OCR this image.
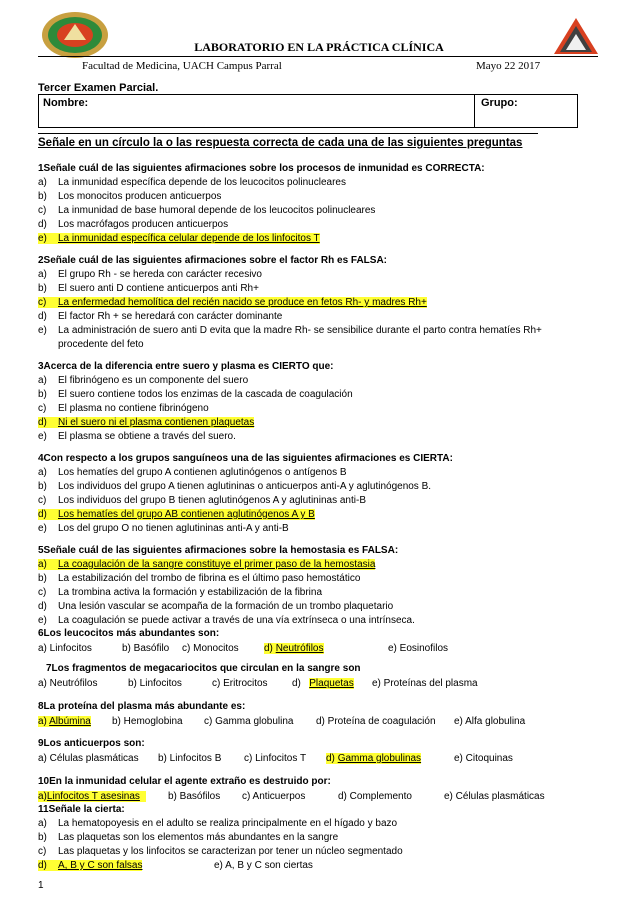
LABORATORIO EN LA PRÁCTICA CLÍNICA
Facultad de Medicina, UACH Campus Parral	Mayo 22 2017
Tercer Examen Parcial.
Nombre:	Grupo:
Señale en un círculo la o las respuesta correcta de cada una de las siguientes preguntas
1Señale cuál de las siguientes afirmaciones sobre los procesos de inmunidad es CORRECTA:
a) La inmunidad específica depende de los leucocitos polinucleares
b) Los monocitos producen anticuerpos
c) La inmunidad de base humoral depende de los leucocitos polinucleares
d) Los macrófagos producen anticuerpos
e) La inmunidad específica celular depende de los linfocitos T
2Señale cuál de las siguientes afirmaciones sobre el factor Rh es FALSA:
a) El grupo Rh - se hereda con carácter recesivo
b) El suero anti D contiene anticuerpos anti Rh+
c) La enfermedad hemolítica del recién nacido se produce en fetos Rh- y madres Rh+
d) El factor Rh + se heredará con carácter dominante
e) La administración de suero anti D evita que la madre Rh- se sensibilice durante el parto contra hematíes Rh+
procedente del feto
3Acerca de la diferencia entre suero y plasma es CIERTO que:
a) El fibrinógeno es un componente del suero
b) El suero contiene todos los enzimas de la cascada de coagulación
c) El plasma no contiene fibrinógeno
d) Ni el suero ni el plasma contienen plaquetas
e) El plasma se obtiene a través del suero.
4Con respecto a los grupos sanguíneos una de las siguientes afirmaciones es CIERTA:
a) Los hematíes del grupo A contienen aglutinógenos o antígenos B
b) Los individuos del grupo A tienen aglutininas o anticuerpos anti-A y aglutinógenos B.
c) Los individuos del grupo B tienen aglutinógenos A y aglutininas anti-B
d) Los hematíes del grupo AB contienen aglutinógenos A y B
e) Los del grupo O no tienen aglutininas anti-A y anti-B
5Señale cuál de las siguientes afirmaciones sobre la hemostasia es FALSA:
a) La coagulación de la sangre constituye el primer paso de la hemostasia
b) La estabilización del trombo de fibrina es el último paso hemostático
c) La trombina activa la formación y estabilización de la fibrina
d) Una lesión vascular se acompaña de la formación de un trombo plaquetario
e) La coagulación se puede activar a través de una vía extrínseca o una intrínseca.
6Los leucocitos más abundantes son:
a) Linfocitos	b) Basófilo c) Monocitos	d) Neutrófilos	e) Eosinofilos
7Los fragmentos de megacariocitos que circulan en la sangre son
a) Neutrófilos	b) Linfocitos	c) Eritrocitos d) Plaquetas e) Proteínas del plasma
8La proteína del plasma más abundante es:
a) Albúmina b) Hemoglobina c) Gamma globulina d) Proteína de coagulación e) Alfa globulina
9Los anticuerpos son:
a) Células plasmáticas b) Linfocitos B c) Linfocitos T d) Gamma globulinas	e) Citoquinas
10En la inmunidad celular el agente extraño es destruido por:
a)Linfocitos T asesinas	b) Basófilos c) Anticuerpos	d) Complemento	e) Células plasmáticas
11Señale la cierta:
a) La hematopoyesis en el adulto se realiza principalmente en el hígado y bazo
b) Las plaquetas son los elementos más abundantes en la sangre
c) Las plaquetas y los linfocitos se caracterizan por tener un núcleo segmentado
d) A, B y C son falsas	e) A, B y C son ciertas
1
